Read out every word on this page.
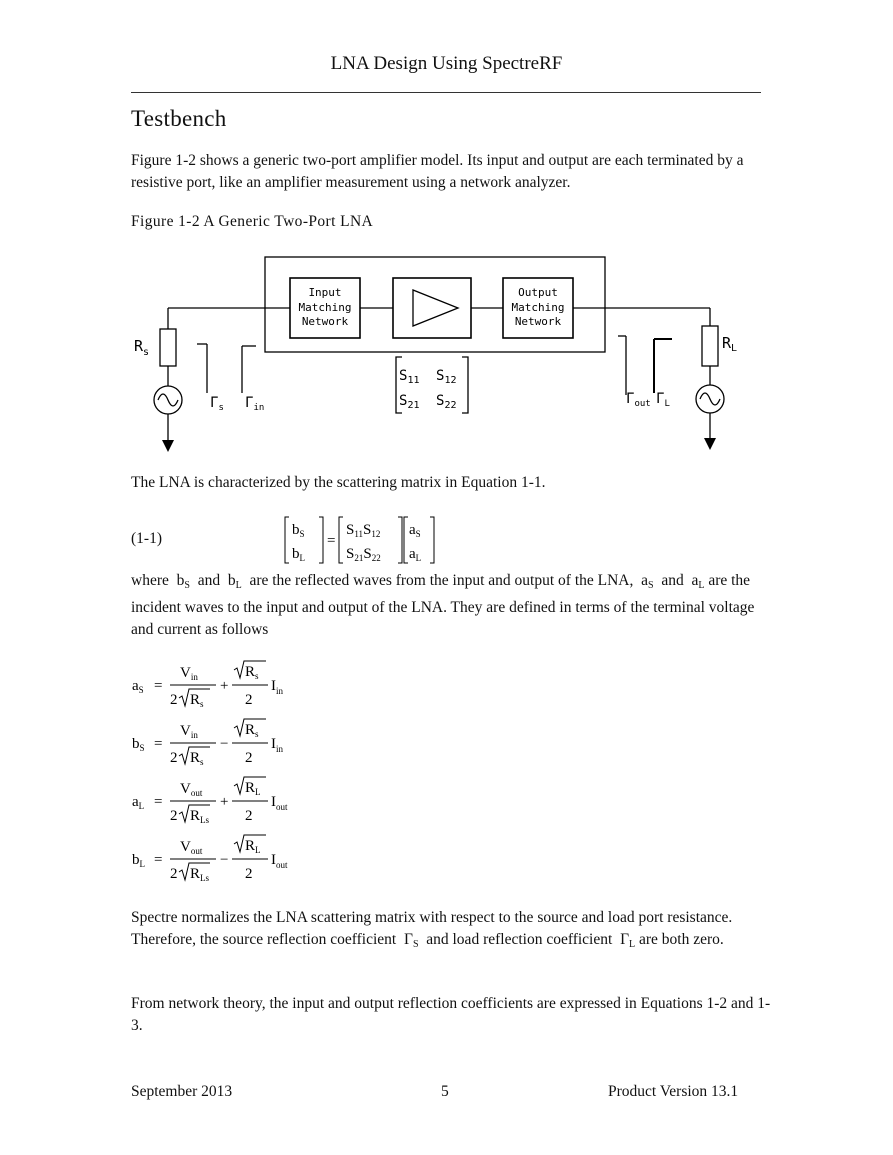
LNA Design Using SpectreRF
Testbench
Figure 1-2 shows a generic two-port amplifier model. Its input and output are each terminated by a resistive port, like an amplifier measurement using a network analyzer.
Figure 1-2 A Generic Two-Port LNA
Input
Matching
Network
Output
Matching
Network
$R_s$
$R_L$
$\Gamma_s$ $\Gamma_{in}$
$\Gamma_{out}$ $\Gamma_L$
$S_{11}$ $S_{12}$
$S_{21}$ $S_{22}$
The LNA is characterized by the scattering matrix in Equation 1-1.
(1-1)	$b_S$
$b_L$
=
$S_{11}S_{12}$
$S_{21}S_{22}$
$a_S$
$a_L$
where $b_S$ and $b_L$ are the reflected waves from the input and output of the LNA, $a_S$ and $a_L$ are the incident waves to the input and output of the LNA. They are defined in terms of the terminal voltage and current as follows
$a_S$ =
$V_{in}$
2 $R_s$
+
$R_s$
2
$I_{in}$
$b_S$ =
$V_{in}$
2 $R_s$
−
$R_s$
2
$I_{in}$
$a_L$ =
$V_{out}$
2 $R_{Ls}$
+
$R_L$
2
$I_{out}$
$b_L$ =
$V_{out}$
2 $R_{Ls}$
−
$R_L$
2
$I_{out}$
Spectre normalizes the LNA scattering matrix with respect to the source and load port resistance. Therefore, the source reflection coefficient $\Gamma_S$ and load reflection coefficient $\Gamma_L$ are both zero.
From network theory, the input and output reflection coefficients are expressed in Equations 1-2 and 1-3.
September 2013	5	Product Version 13.1
